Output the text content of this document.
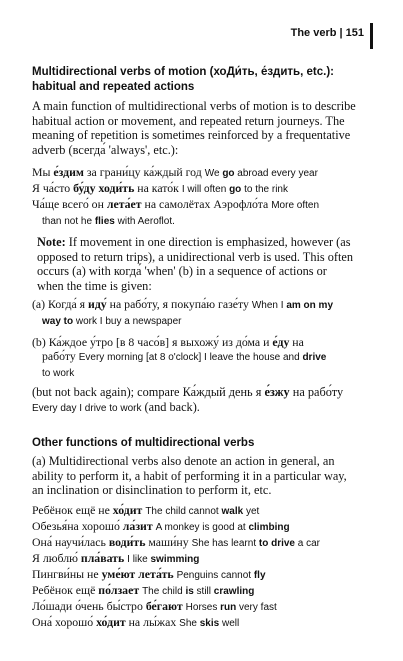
The verb | 151
Multidirectional verbs of motion (хоДи́ть, е́здить, etc.): habitual and repeated actions
A main function of multidirectional verbs of motion is to describe
habitual action or movement, and repeated return journeys. The
meaning of repetition is sometimes reinforced by a frequentative
adverb (всегда́ 'always', etc.):
Мы е́здим за грани́цу ка́ждый год We go abroad every year
Я ча́сто бу́ду ходи́ть на като́к I will often go to the rink
Ча́ще всего́ он лета́ет на самолётах Аэрофло́та More often
than not he flies with Aeroflot.
Note: If movement in one direction is emphasized, however (as
opposed to return trips), a unidirectional verb is used. This often
occurs (a) with когда́ 'when' (b) in a sequence of actions or
when the time is given:
(a) Когда́ я иду́ на рабо́ту, я покупа́ю газе́ту When I am on my
way to work I buy a newspaper
(b) Ка́ждое у́тро [в 8 часо́в] я выхожу́ из до́ма и е́ду на
рабо́ту Every morning [at 8 o'clock] I leave the house and drive
to work
(but not back again); compare Ка́ждый день я е́зжу на рабо́ту
Every day I drive to work (and back).
Other functions of multidirectional verbs
(a) Multidirectional verbs also denote an action in general, an
ability to perform it, a habit of performing it in a particular way,
an inclination or disinclination to perform it, etc.
Ребёнок ещё не хо́дит The child cannot walk yet
Обезья́на хорошо́ ла́зит A monkey is good at climbing
Она́ научи́лась води́ть маши́ну She has learnt to drive a car
Я люблю́ пла́вать I like swimming
Пингви́ны не уме́ют лета́ть Penguins cannot fly
Ребёнок ещё по́лзает The child is still crawling
Ло́шади о́чень бы́стро бе́гают Horses run very fast
Она́ хорошо́ хо́дит на лы́жах She skis well
